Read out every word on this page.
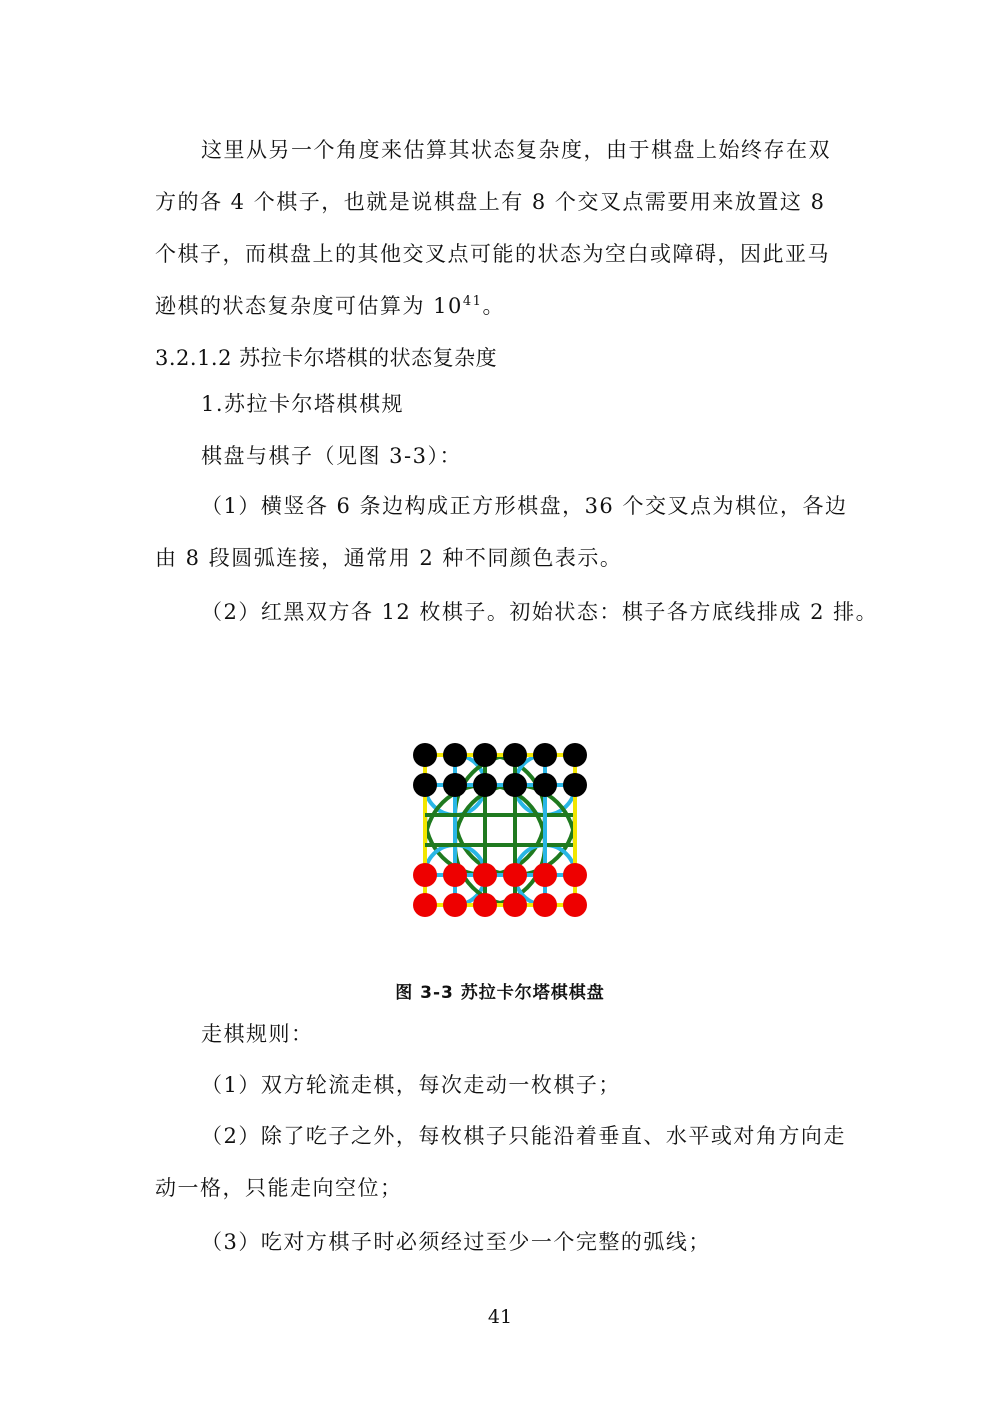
这里从另一个角度来估算其状态复杂度，由于棋盘上始终存在双方的各 4 个棋子，也就是说棋盘上有 8 个交叉点需要用来放置这 8 个棋子，而棋盘上的其他交叉点可能的状态为空白或障碍，因此亚马逊棋的状态复杂度可估算为 $10^{41}$。

3.2.1.2 苏拉卡尔塔棋的状态复杂度
1.苏拉卡尔塔棋棋规
棋盘与棋子（见图 3-3）：

（1）横竖各 6 条边构成正方形棋盘，36 个交叉点为棋位，各边由 8 段圆弧连接，通常用 2 种不同颜色表示。

（2）红黑双方各 12 枚棋子。初始状态：棋子各方底线排成 2 排。
图 3-3 苏拉卡尔塔棋棋盘
走棋规则：
（1）双方轮流走棋，每次走动一枚棋子；

（2）除了吃子之外，每枚棋子只能沿着垂直、水平或对角方向走动一格，只能走向空位；

（3）吃对方棋子时必须经过至少一个完整的弧线；
41
